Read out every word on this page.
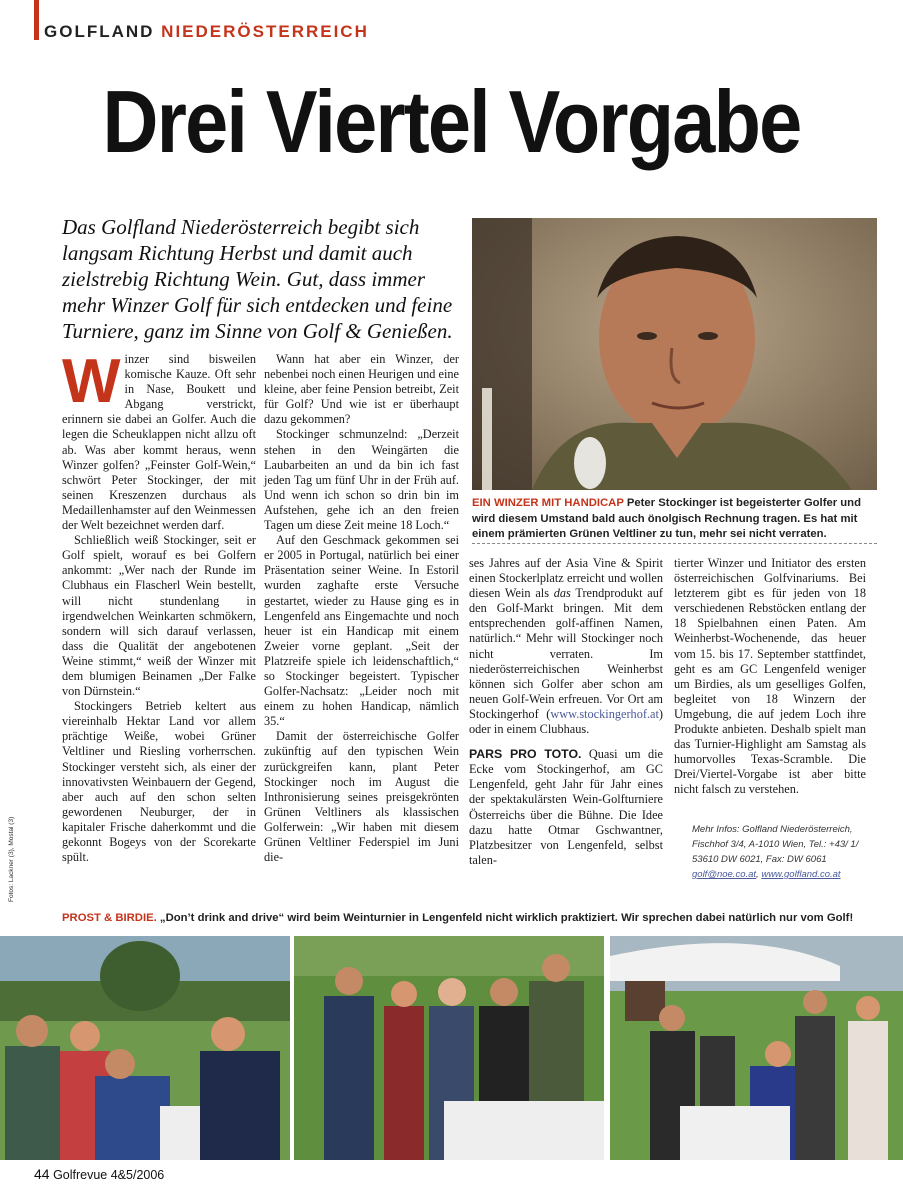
GOLFLAND NIEDERÖSTERREICH
Drei Viertel Vorgabe
Das Golfland Niederösterreich begibt sich langsam Richtung Herbst und damit auch zielstrebig Richtung Wein. Gut, dass immer mehr Winzer Golf für sich entdecken und feine Turniere, ganz im Sinne von Golf & Genießen.
EIN WINZER MIT HANDICAP Peter Stockinger ist begeisterter Golfer und wird diesem Umstand bald auch önolgisch Rechnung tragen. Es hat mit einem prämierten Grünen Veltliner zu tun, mehr sei nicht verraten.

Winzer sind bisweilen komische Kauze. Oft sehr in Nase, Boukett und Abgang verstrickt, erinnern sie dabei an Golfer. Auch die legen die Scheuklappen nicht allzu oft ab. Was aber kommt heraus, wenn Winzer golfen? „Feinster Golf-Wein,“ schwört Peter Stockinger, der mit seinen Kreszenzen durchaus als Medaillenhamster auf den Weinmessen der Welt bezeichnet werden darf.

Schließlich weiß Stockinger, seit er Golf spielt, worauf es bei Golfern ankommt: „Wer nach der Runde im Clubhaus ein Flascherl Wein bestellt, will nicht stundenlang in irgendwelchen Weinkarten schmökern, sondern will sich darauf verlassen, dass die Qualität der angebotenen Weine stimmt,“ weiß der Winzer mit dem blumigen Beinamen „Der Falke von Dürnstein.“

Stockingers Betrieb keltert aus viereinhalb Hektar Land vor allem prächtige Weiße, wobei Grüner Veltliner und Riesling vorherrschen. Stockinger versteht sich, als einer der innovativsten Weinbauern der Gegend, aber auch auf den schon selten gewordenen Neuburger, der in kapitaler Frische daherkommt und die gekonnt Bogeys von der Scorekarte spült.

Wann hat aber ein Winzer, der nebenbei noch einen Heurigen und eine kleine, aber feine Pension betreibt, Zeit für Golf? Und wie ist er überhaupt dazu gekommen?

Stockinger schmunzelnd: „Derzeit stehen in den Weingärten die Laubarbeiten an und da bin ich fast jeden Tag um fünf Uhr in der Früh auf. Und wenn ich schon so drin bin im Aufstehen, gehe ich an den freien Tagen um diese Zeit meine 18 Loch.“

Auf den Geschmack gekommen sei er 2005 in Portugal, natürlich bei einer Präsentation seiner Weine. In Estoril wurden zaghafte erste Versuche gestartet, wieder zu Hause ging es in Lengenfeld ans Eingemachte und noch heuer ist ein Handicap mit einem Zweier vorne geplant. „Seit der Platzreife spiele ich leidenschaftlich,“ so Stockinger begeistert. Typischer Golfer-Nachsatz: „Leider noch mit einem zu hohen Handicap, nämlich 35.“

Damit der österreichische Golfer zukünftig auf den typischen Wein zurückgreifen kann, plant Peter Stockinger noch im August die Inthronisierung seines preisgekrönten Grünen Veltliners als klassischen Golferwein: „Wir haben mit diesem Grünen Veltliner Federspiel im Juni die-

ses Jahres auf der Asia Vine & Spirit einen Stockerlplatz erreicht und wollen diesen Wein als das Trendprodukt auf den Golf-Markt bringen. Mit dem entsprechenden golf-affinen Namen, natürlich.“ Mehr will Stockinger noch nicht verraten. Im niederösterreichischen Weinherbst können sich Golfer aber schon am neuen Golf-Wein erfreuen. Vor Ort am Stockingerhof (www.stockingerhof.at) oder in einem Clubhaus.

PARS PRO TOTO. Quasi um die Ecke vom Stockingerhof, am GC Lengenfeld, geht Jahr für Jahr eines der spektakulärsten Wein-Golfturniere Österreichs über die Bühne. Die Idee dazu hatte Otmar Gschwantner, Platzbesitzer von Lengenfeld, selbst talen-

tierter Winzer und Initiator des ersten österreichischen Golfvinariums. Bei letzterem gibt es für jeden von 18 verschiedenen Rebstöcken entlang der 18 Spielbahnen einen Paten. Am Weinherbst-Wochenende, das heuer vom 15. bis 17. September stattfindet, geht es am GC Lengenfeld weniger um Birdies, als um geselliges Golfen, begleitet von 18 Winzern der Umgebung, die auf jedem Loch ihre Produkte anbieten. Deshalb spielt man das Turnier-Highlight am Samstag als humorvolles Texas-Scramble. Die Drei/Viertel-Vorgabe ist aber bitte nicht falsch zu verstehen.

Mehr Infos: Golfland Niederösterreich, Fischhof 3/4, A-1010 Wien, Tel.: +43/ 1/ 53610 DW 6021, Fax: DW 6061
golf@noe.co.at, www.golfland.co.at
Fotos: Lackner (3), Mostal (3)
PROST & BIRDIE. „Don’t drink and drive“ wird beim Weinturnier in Lengenfeld nicht wirklich praktiziert. Wir sprechen dabei natürlich nur vom Golf!
44 Golfrevue 4&5/2006
